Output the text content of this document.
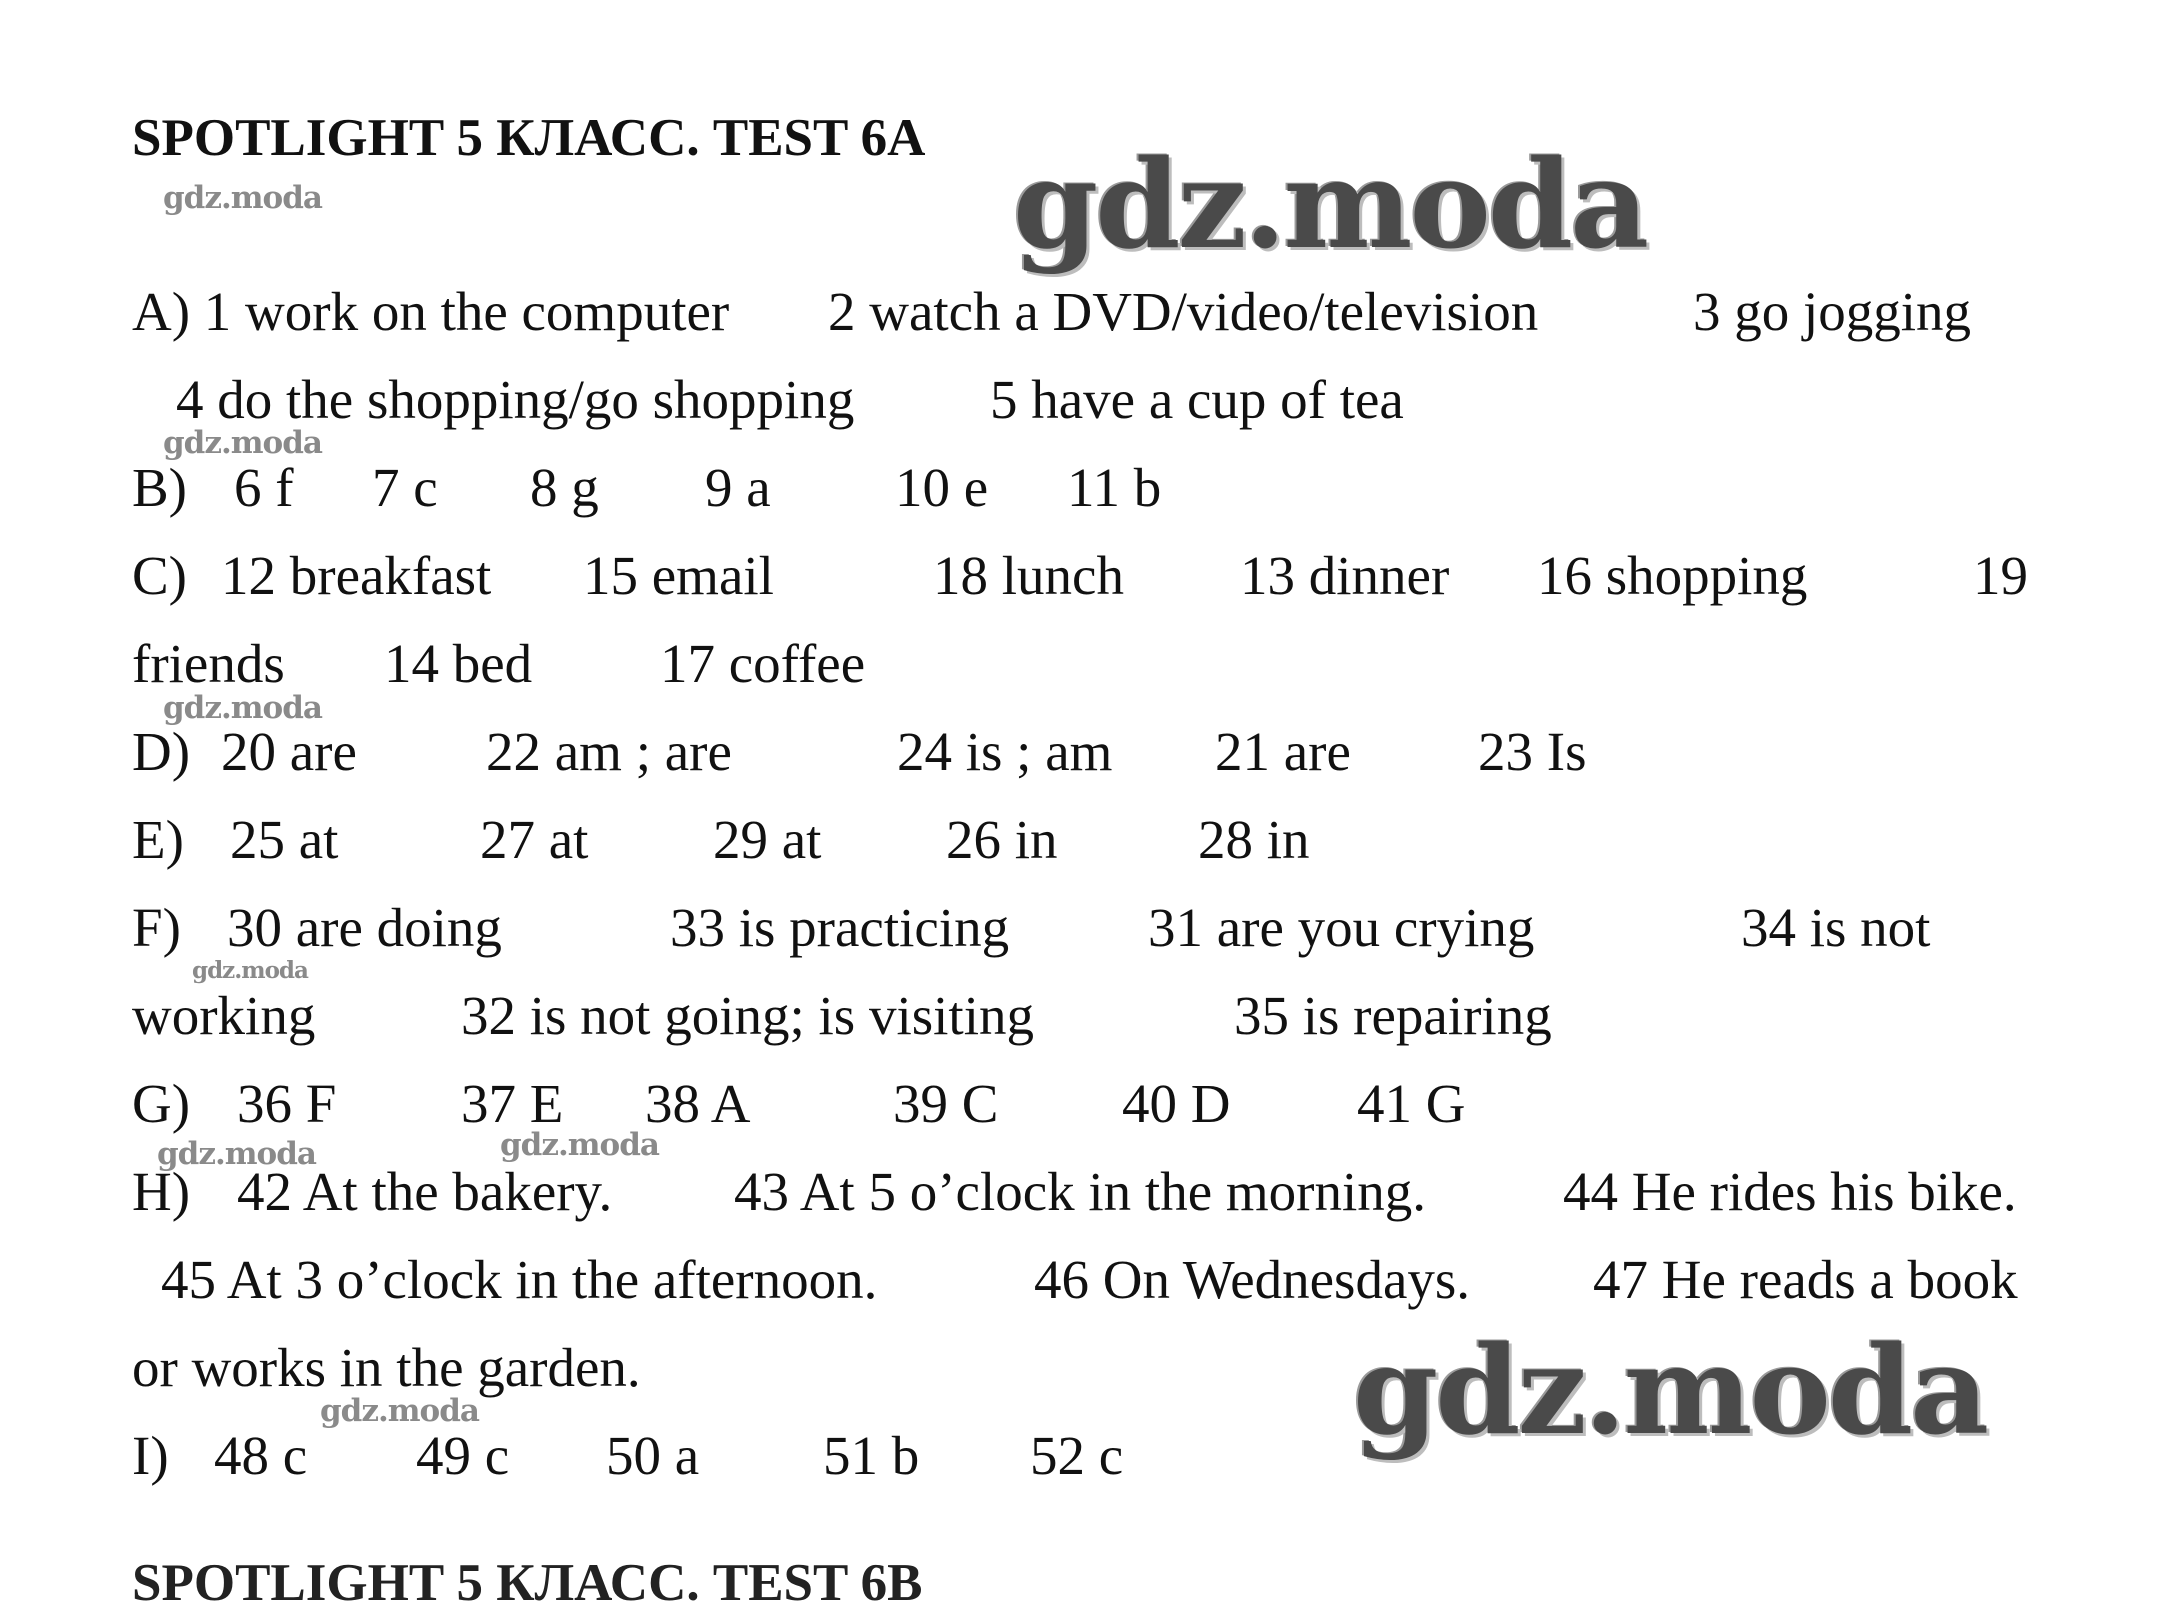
SPOTLIGHT 5 КЛАСС. TEST 6A
gdz.moda	gdz.moda
gdz.moda
gdz.moda
gdz.moda
gdz.moda	gdz.moda
gdz.moda	gdz.moda
A) 1 work on the computer 2 watch a DVD/video/television	3 go jogging
4 do the shopping/go shopping 5 have a cup of tea
B) 6 f 7 c 8 g 9 a 10 e 11 b
C) 12 breakfast 15 email	18 lunch 13 dinner 16 shopping	19
friends 14 bed 17 coffee
D) 20 are 22 am ; are	24 is ; am 21 are 23 Is
E) 25 at	27 at 29 at 26 in	28 in
F) 30 are doing	33 is practicing	31 are you crying	34 is not
working	32 is not going; is visiting	35 is repairing
G) 36 F 37 E 38 A	39 C 40 D 41 G
H) 42 At the bakery. 43 At 5 o’clock in the morning. 44 He rides his bike.
45 At 3 o’clock in the afternoon.	46 On Wednesdays. 47 He reads a book
or works in the garden.
I) 48 c 49 c 50 a 51 b 52 c
SPOTLIGHT 5 КЛАСС. TEST 6B
